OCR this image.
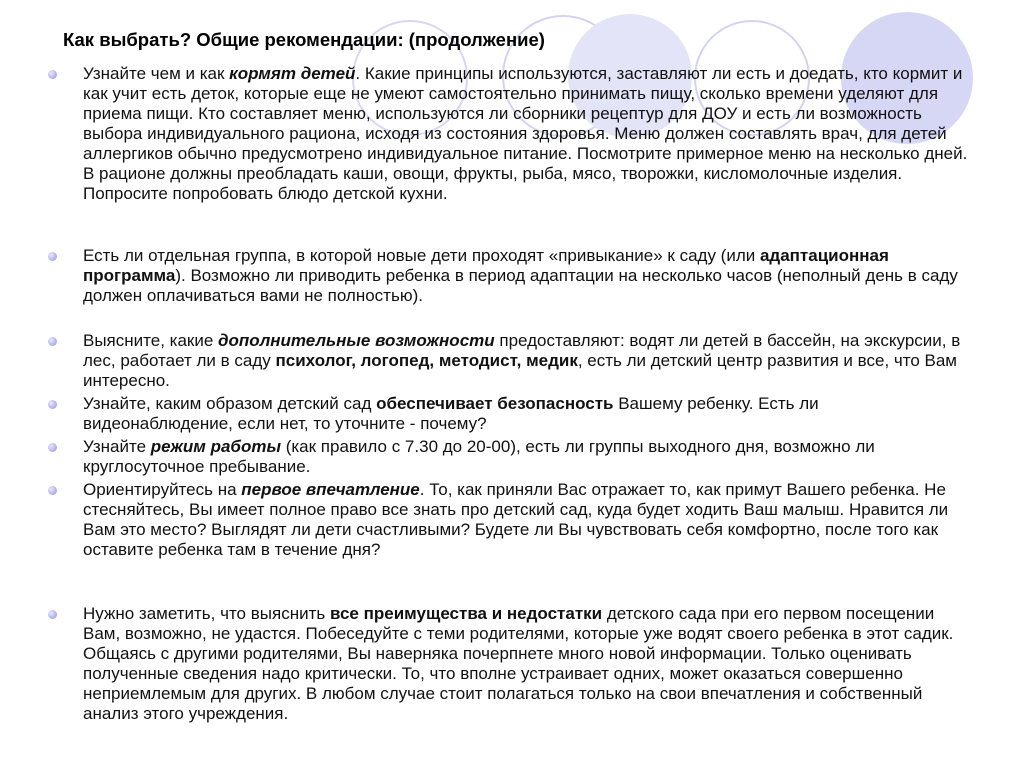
Как выбрать? Общие рекомендации: (продолжение)

Узнайте чем и как кормят детей. Какие принципы используются, заставляют ли есть и доедать, кто кормит и как учит есть деток, которые еще не умеют самостоятельно принимать пищу, сколько времени уделяют для приема пищи. Кто составляет меню, используются ли сборники рецептур для ДОУ и есть ли возможность выбора индивидуального рациона, исходя из состояния здоровья. Меню должен составлять врач, для детей аллергиков обычно предусмотрено индивидуальное питание. Посмотрите примерное меню на несколько дней. В рационе должны преобладать каши, овощи, фрукты, рыба, мясо, творожки, кисломолочные изделия. Попросите попробовать блюдо детской кухни.

Есть ли отдельная группа, в которой новые дети проходят «привыкание» к саду (или адаптационная программа). Возможно ли приводить ребенка в период адаптации на несколько часов (неполный день в саду должен оплачиваться вами не полностью).

Выясните, какие дополнительные возможности предоставляют: водят ли детей в бассейн, на экскурсии, в лес, работает ли в саду психолог, логопед, методист, медик, есть ли детский центр развития и все, что Вам интересно.

Узнайте, каким образом детский сад обеспечивает безопасность Вашему ребенку. Есть ли видеонаблюдение, если нет, то уточните - почему?

Узнайте режим работы (как правило с 7.30 до 20-00), есть ли группы выходного дня, возможно ли круглосуточное пребывание.

Ориентируйтесь на первое впечатление. То, как приняли Вас отражает то, как примут Вашего ребенка. Не стесняйтесь, Вы имеет полное право все знать про детский сад, куда будет ходить Ваш малыш. Нравится ли Вам это место? Выглядят ли дети счастливыми? Будете ли Вы чувствовать себя комфортно, после того как оставите ребенка там в течение дня?

Нужно заметить, что выяснить все преимущества и недостатки детского сада при его первом посещении Вам, возможно, не удастся. Побеседуйте с теми родителями, которые уже водят своего ребенка в этот садик. Общаясь с другими родителями, Вы наверняка почерпнете много новой информации. Только оценивать полученные сведения надо критически. То, что вполне устраивает одних, может оказаться совершенно неприемлемым для других. В любом случае стоит полагаться только на свои впечатления и собственный анализ этого учреждения.
